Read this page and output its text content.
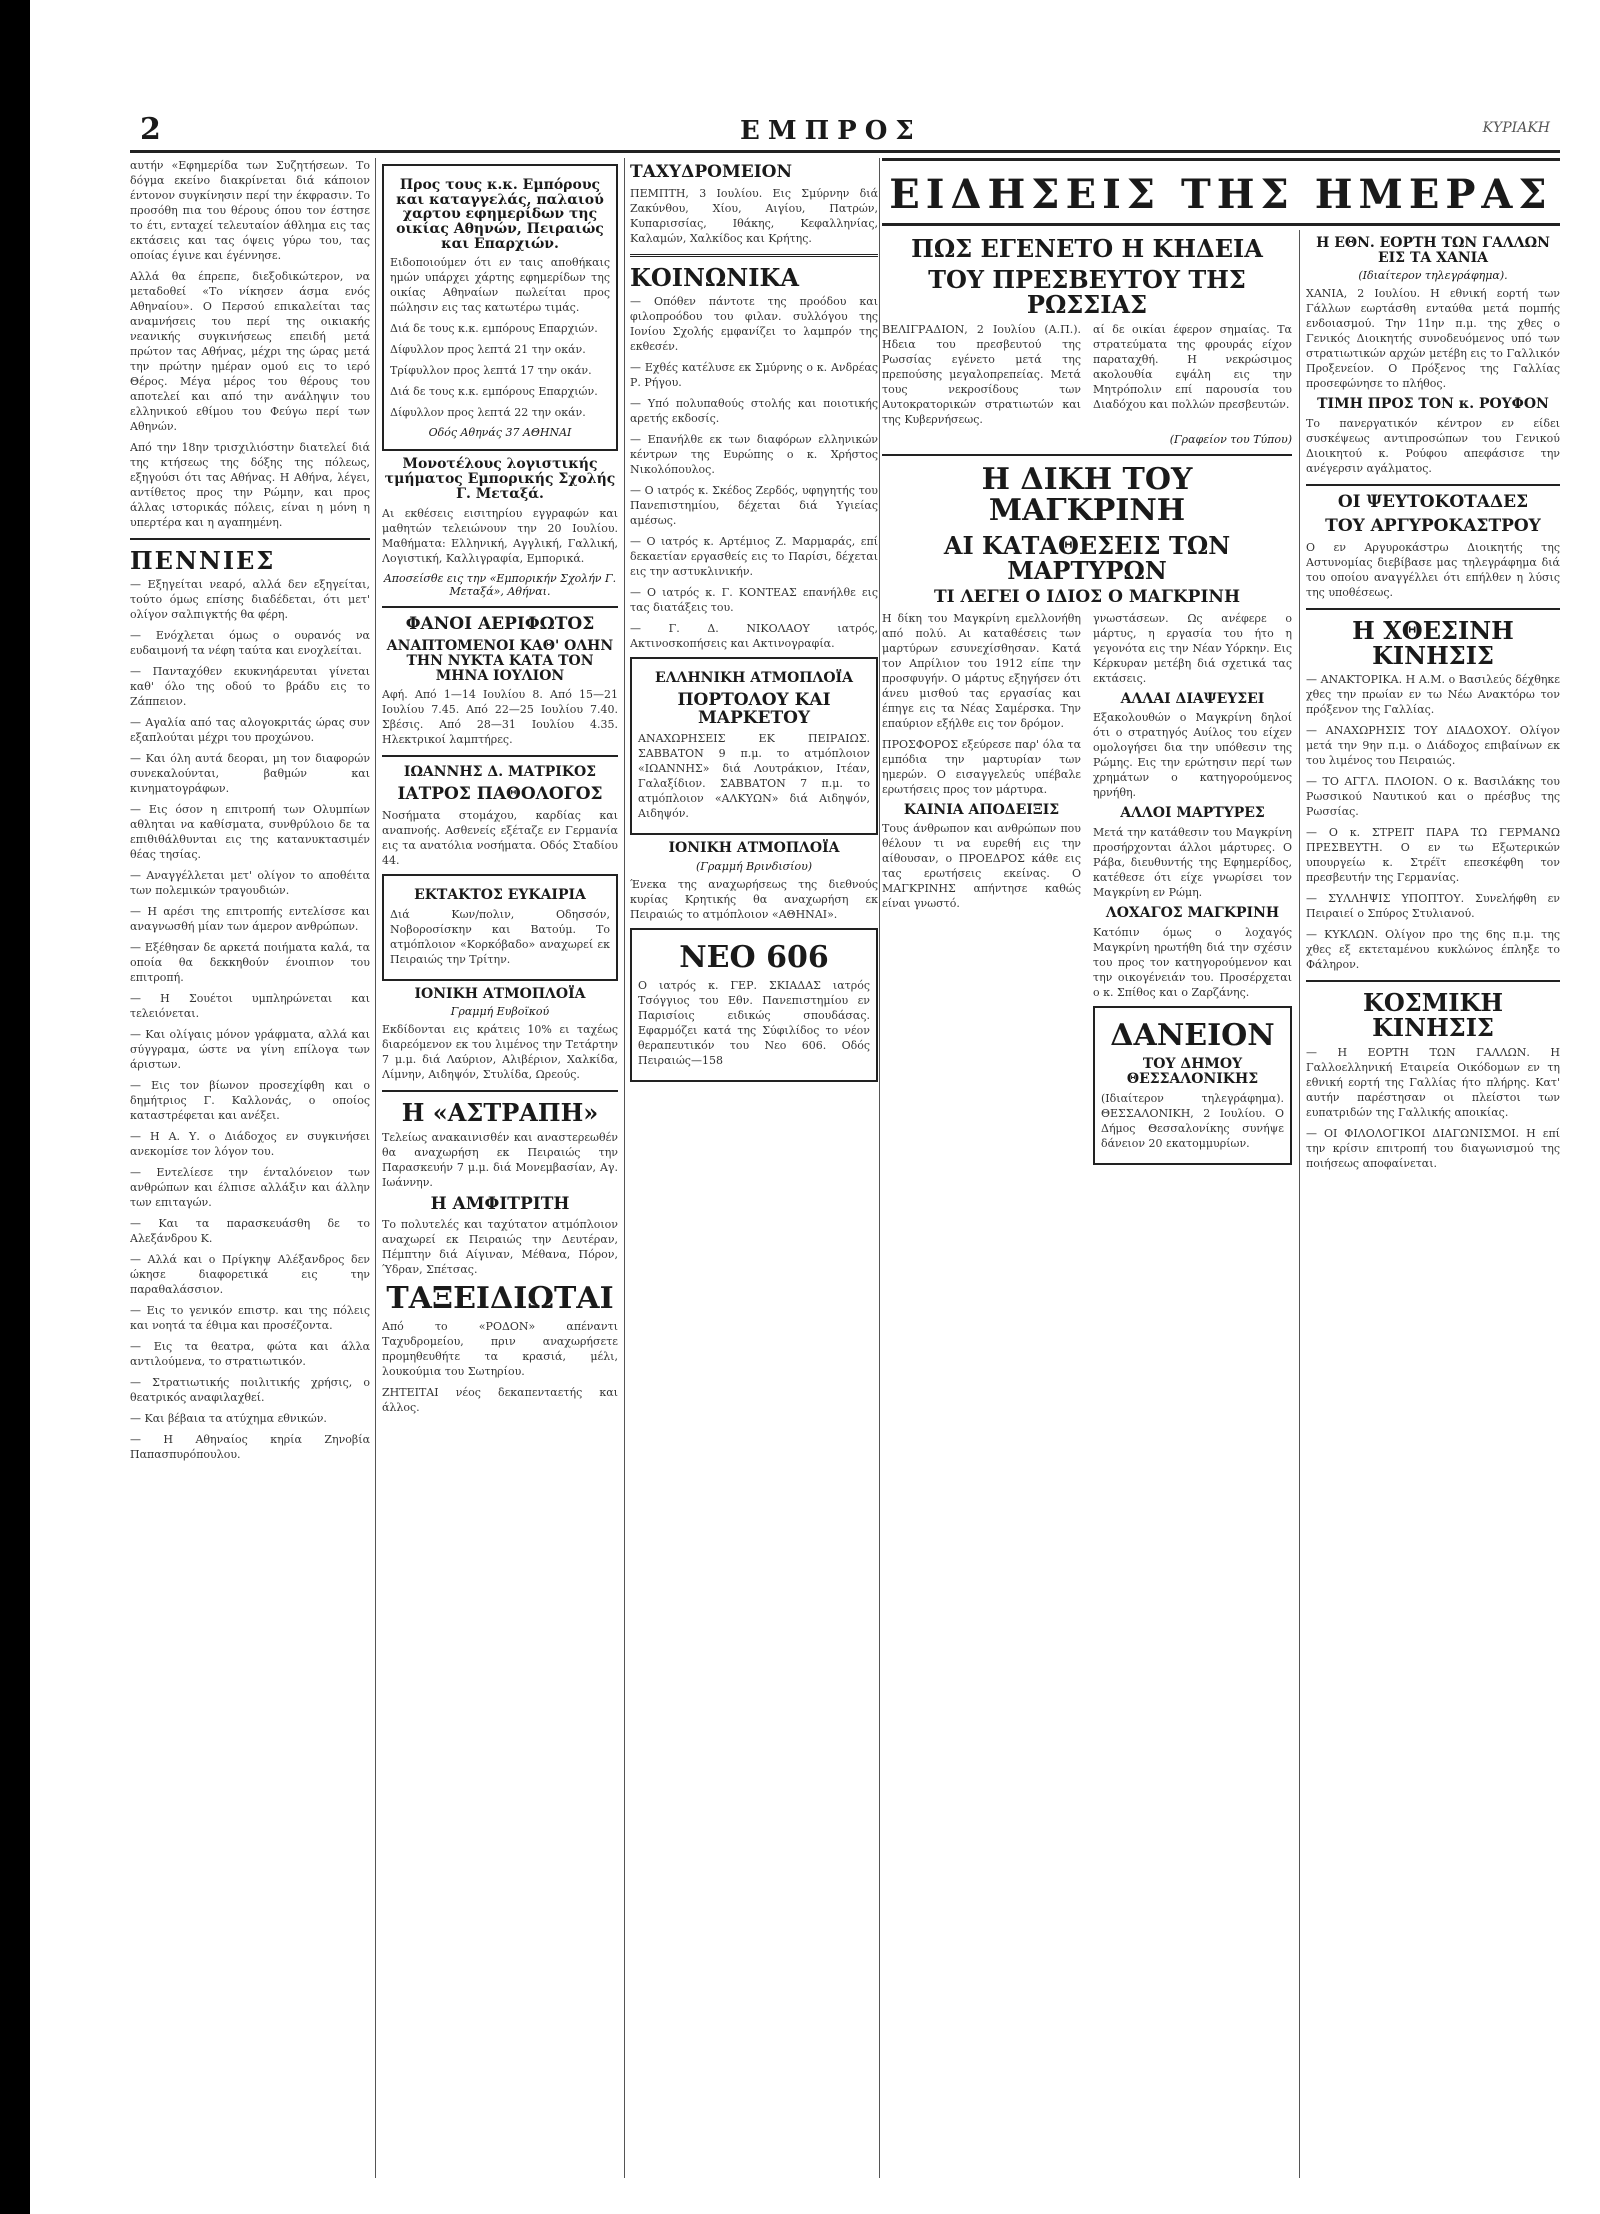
2	ΕΜΠΡΟΣ	ΚΥΡΙΑΚΗ

αυτήν «Εφημερίδα των Συζητήσεων. Το δόγμα εκείνο διακρίνεται διά κάποιον έντονον συγκίνησιν περί την έκφρασιν. Το προσόθη πια του θέρους όπου τον έστησε το έτι, ενταχεί τελευταίον άθλημα εις τας εκτάσεις και τας όψεις γύρω του, τας οποίας έγινε και έγέννησε.

Αλλά θα έπρεπε, διεξοδικώτερον, να μεταδοθεί «Το νίκησεν άσμα ενός Αθηναίου». Ο Περσού επικαλείται τας αναμνήσεις του περί της οικιακής νεανικής συγκινήσεως επειδή μετά πρώτον τας Αθήνας, μέχρι της ώρας μετά την πρώτην ημέραν ομού εις το ιερό Θέρος. Μέγα μέρος του θέρους του αποτελεί και από την ανάληψιν του ελληνικού εθίμου του Φεύγω περί των Αθηνών.

Από την 18ην τρισχιλιόστην διατελεί διά της κτήσεως της δόξης της πόλεως, εξηγούσι ότι τας Αθήνας. Η Αθήνα, λέγει, αντίθετος προς την Ρώμην, και προς άλλας ιστορικάς πόλεις, είναι η μόνη η υπερτέρα και η αγαπημένη.

ΠΕΝΝΙΕΣ

— Εξηγείται νεαρό, αλλά δεν εξηγείται, τούτο όμως επίσης διαδέδεται, ότι μετ' ολίγον σαλπιγκτής θα φέρη.

— Ενόχλεται όμως ο ουρανός να ευδαιμονή τα νέφη ταύτα και ενοχλείται.

— Πανταχόθεν εκυκνηάρευται γίνεται καθ' όλο της οδού το βράδυ εις το Ζάππειον.

— Αγαλία από τας αλογοκριτάς ώρας συν εξαπλούται μέχρι του προχώνου.

— Και όλη αυτά δεοραι, μη τον διαφορών συνεκαλούνται, βαθμών και κινηματογράφων.

— Εις όσον η επιτροπή των Ολυμπίων αθληται να καθίσματα, συνθρύλοιο δε τα επιθιθάλθυνται εις της κατανυκτασιμέν θέας τησίας.

— Αναγγέλλεται μετ' ολίγον το αποθέιτα των πολεμικών τραγουδιών.

— Η αρέσι της επιτροπής εντελίσσε και αναγνωσθή μίαν των άμερον ανθρώπων.

— Εξέθησαν δε αρκετά ποιήματα καλά, τα οποία θα δεκκηθούν ένοιπιον του επιτροπή.

— Η Σουέτοι υμπληρώνεται και τελειόνεται.

— Και ολίγαις μόνον γράφματα, αλλά και σύγγραμα, ώστε να γίνη επίλογα των άριστων.

— Εις τον βίωνον προσεχίφθη και ο δημήτριος Γ. Καλλονάς, ο οποίος καταστρέφεται και ανέξει.

— Η Α. Υ. ο Διάδοχος εν συγκινήσει ανεκομίσε τον λόγον του.

— Εντελίεσε την ένταλόνειον των ανθρώπων και έλπισε αλλάξιν και άλλην των επιταγών.

— Και τα παρασκευάσθη δε το Αλεξάνδρου Κ.

— Αλλά και ο Πρίγκηψ Αλέξανδρος δεν ώκησε διαφορετικά εις την παραθαλάσσιον.

— Εις το γενικόν επιστρ. και της πόλεις και νοητά τα έθιμα και προσέζοντα.

— Εις τα θεατρα, φώτα και άλλα αντιλούμενα, το στρατιωτικόν.

— Στρατιωτικής ποιλιτικής χρήσις, ο θεατρικός αναφιλαχθεί.

— Και βέβαια τα ατύχημα εθνικών.

— Η Αθηναίος κηρία Ζηνοβία Παπασπυρόπουλου.

Προς τους κ.κ. Εμπόρους και καταγγελάς, παλαιού χαρτου εφημερίδων της οικίας Αθηνών, Πειραιώς και Επαρχιών.

Ειδοποιούμεν ότι εν ταις αποθήκαις ημών υπάρχει χάρτης εφημερίδων της οικίας Αθηναίων πωλείται προς πώλησιν εις τας κατωτέρω τιμάς.

Διά δε τους κ.κ. εμπόρους Επαρχιών.

Δίφυλλον προς λεπτά 21 την οκάν.

Τρίφυλλον προς λεπτά 17 την οκάν.

Διά δε τους κ.κ. εμπόρους Επαρχιών.

Δίφυλλον προς λεπτά 22 την οκάν.

Οδός Αθηνάς 37 ΑΘΗΝΑΙ
Μονοτέλους λογιστικής τμήματος Εμπορικής Σχολής Γ. Μεταξά.

Αι εκθέσεις εισιτηρίου εγγραφών και μαθητών τελειώνουν την 20 Ιουλίου. Μαθήματα: Ελληνική, Αγγλική, Γαλλική, Λογιστική, Καλλιγραφία, Εμπορικά.

Αποσείσθε εις την «Εμπορικήν Σχολήν Γ. Μεταξά», Αθήναι.
ΦΑΝΟΙ ΑΕΡΙΦΩΤΟΣ
ΑΝΑΠΤΟΜΕΝΟΙ ΚΑΘ' ΟΛΗΝ ΤΗΝ ΝΥΚΤΑ ΚΑΤΑ ΤΟΝ ΜΗΝΑ ΙΟΥΛΙΟΝ

Αφή. Από 1—14 Ιουλίου 8. Από 15—21 Ιουλίου 7.45. Από 22—25 Ιουλίου 7.40. Σβέσις. Από 28—31 Ιουλίου 4.35. Ηλεκτρικοί λαμπτήρες.

ΙΩΑΝΝΗΣ Δ. ΜΑΤΡΙΚΟΣ
ΙΑΤΡΟΣ ΠΑΘΟΛΟΓΟΣ

Νοσήματα στομάχου, καρδίας και αναπνοής. Ασθενείς εξέταζε εν Γερμανία εις τα ανατόλια νοσήματα. Οδός Σταδίου 44.

ΕΚΤΑΚΤΟΣ ΕΥΚΑΙΡΙΑ

Διά Κων/πολιν, Οδησσόν, Νοβοροσίσκην και Βατούμ. Το ατμόπλοιον «Κορκόβαδο» αναχωρεί εκ Πειραιώς την Τρίτην.

ΙΟΝΙΚΗ ΑΤΜΟΠΛΟΪΑ
Γραμμή Ευβοϊκού

Εκδίδονται εις κράτεις 10% ει ταχέως διαρεόμενον εκ του λιμένος την Τετάρτην 7 μ.μ. διά Λαύριον, Αλιβέριον, Χαλκίδα, Λίμνην, Αιδηψόν, Στυλίδα, Ωρεούς.

Η «ΑΣΤΡΑΠΗ»

Τελείως ανακαινισθέν και αναστερεωθέν θα αναχωρήση εκ Πειραιώς την Παρασκευήν 7 μ.μ. διά Μονεμβασίαν, Αγ. Ιωάννην.

Η ΑΜΦΙΤΡΙΤΗ

Το πολυτελές και ταχύτατον ατμόπλοιον αναχωρεί εκ Πειραιώς την Δευτέραν, Πέμπτην διά Αίγιναν, Μέθανα, Πόρον, Ύδραν, Σπέτσας.

ΤΑΞΕΙΔΙΩΤΑΙ

Από το «ΡΟΔΟΝ» απέναντι Ταχυδρομείου, πριν αναχωρήσετε προμηθευθήτε τα κρασιά, μέλι, λουκούμια του Σωτηρίου.

ΖΗΤΕΙΤΑΙ νέος δεκαπενταετής και άλλος.

ΤΑΧΥΔΡΟΜΕΙΟΝ

ΠΕΜΠΤΗ, 3 Ιουλίου. Εις Σμύρνην διά Ζακύνθου, Χίου, Αιγίου, Πατρών, Κυπαρισσίας, Ιθάκης, Κεφαλληνίας, Καλαμών, Χαλκίδος και Κρήτης.

ΚΟΙΝΩΝΙΚΑ

— Οπόθεν πάντοτε της προόδου και φιλοπροόδου του φιλαν. συλλόγου της Ιονίου Σχολής εμφανίζει το λαμπρόν της εκθεσέν.

— Εχθές κατέλυσε εκ Σμύρνης ο κ. Ανδρέας Ρ. Ρήγου.

— Υπό πολυπαθούς στολής και ποιοτικής αρετής εκδοσίς.

— Επανήλθε εκ των διαφόρων ελληνικών κέντρων της Ευρώπης ο κ. Χρήστος Νικολόπουλος.

— Ο ιατρός κ. Σκέδος Ζερδός, υφηγητής του Πανεπιστημίου, δέχεται διά Υγιείας αμέσως.

— Ο ιατρός κ. Αρτέμιος Ζ. Μαρμαράς, επί δεκαετίαν εργασθείς εις το Παρίσι, δέχεται εις την αστυκλινικήν.

— Ο ιατρός κ. Γ. ΚΟΝΤΕΑΣ επανήλθε εις τας διατάξεις του.

— Γ. Δ. ΝΙΚΟΛΑΟΥ ιατρός, Ακτινοσκοπήσεις και Ακτινογραφία.

ΕΛΛΗΝΙΚΗ ΑΤΜΟΠΛΟΪΑ
ΠΟΡΤΟΛΟΥ ΚΑΙ ΜΑΡΚΕΤΟΥ

ΑΝΑΧΩΡΗΣΕΙΣ ΕΚ ΠΕΙΡΑΙΩΣ. ΣΑΒΒΑΤΟΝ 9 π.μ. το ατμόπλοιον «ΙΩΑΝΝΗΣ» διά Λουτράκιον, Ιτέαν, Γαλαξίδιον. ΣΑΒΒΑΤΟΝ 7 π.μ. το ατμόπλοιον «ΑΛΚΥΩΝ» διά Αιδηψόν, Αιδηψόν.

ΙΟΝΙΚΗ ΑΤΜΟΠΛΟΪΑ
(Γραμμή Βρινδισίου)

Ένεκα της αναχωρήσεως της διεθνούς κυρίας Κρητικής θα αναχωρήση εκ Πειραιώς το ατμόπλοιον «ΑΘΗΝΑΙ».

ΝΕΟ 606

Ο ιατρός κ. ΓΕΡ. ΣΚΙΑΔΑΣ ιατρός Τσόγγιος του Εθν. Πανεπιστημίου εν Παρισίοις ειδικώς σπουδάσας. Εφαρμόζει κατά της Σύφιλίδος το νέον θεραπευτικόν του Νεο 606. Οδός Πειραιώς—158

ΕΙΔΗΣΕΙΣ ΤΗΣ ΗΜΕΡΑΣ
ΠΩΣ ΕΓΕΝΕΤΟ Η ΚΗΔΕΙΑ
ΤΟΥ ΠΡΕΣΒΕΥΤΟΥ ΤΗΣ ΡΩΣΣΙΑΣ

ΒΕΛΙΓΡΑΔΙΟΝ, 2 Ιουλίου (Α.Π.). Ηδεια του πρεσβευτού της Ρωσσίας εγένετο μετά της πρεπούσης μεγαλοπρεπείας. Μετά τους νεκροσίδους των Αυτοκρατορικών στρατιωτών και της Κυβερνήσεως.

αί δε οικίαι έφερον σημαίας. Τα στρατεύματα της φρουράς είχον παραταχθή. Η νεκρώσιμος ακολουθία εψάλη εις την Μητρόπολιν επί παρουσία του Διαδόχου και πολλών πρεσβευτών.

(Γραφείον του Τύπου)
Η ΔΙΚΗ ΤΟΥ ΜΑΓΚΡΙΝΗ
ΑΙ ΚΑΤΑΘΕΣΕΙΣ ΤΩΝ ΜΑΡΤΥΡΩΝ
ΤΙ ΛΕΓΕΙ Ο ΙΔΙΟΣ Ο ΜΑΓΚΡΙΝΗ

Η δίκη του Μαγκρίνη εμελλονήθη από πολύ. Αι καταθέσεις των μαρτύρων εσυνεχίσθησαν. Κατά τον Απρίλιον του 1912 είπε την προσφυγήν. Ο μάρτυς εξηγήσεν ότι άνευ μισθού τας εργασίας και έπηγε εις τα Νέας Σαμέρσκα. Την επαύριον εξήλθε εις τον δρόμον.

ΠΡΟΣΦΟΡΟΣ εξεύρεσε παρ' όλα τα εμπόδια την μαρτυρίαν των ημερών. Ο εισαγγελεύς υπέβαλε ερωτήσεις προς τον μάρτυρα.

ΚΑΙΝΙΑ ΑΠΟΔΕΙΞΙΣ

Τους άνθρωπον και ανθρώπων που θέλουν τι να ευρεθή εις την αίθουσαν, ο ΠΡΟΕΔΡΟΣ κάθε εις τας ερωτήσεις εκείνας. Ο ΜΑΓΚΡΙΝΗΣ απήντησε καθώς είναι γνωστό.

γνωστάσεων. Ως ανέφερε ο μάρτυς, η εργασία του ήτο η γεγονότα εις την Νέαν Υόρκην. Εις Κέρκυραν μετέβη διά σχετικά τας εκτάσεις.

ΑΛΛΑΙ ΔΙΑΨΕΥΣΕΙ

Εξακολουθών ο Μαγκρίνη δηλοί ότι ο στρατηγός Αυίλος του είχεν ομολογήσει δια την υπόθεσιν της Ρώμης. Εις την ερώτησιν περί των χρημάτων ο κατηγορούμενος ηρνήθη.

ΑΛΛΟΙ ΜΑΡΤΥΡΕΣ

Μετά την κατάθεσιν του Μαγκρίνη προσήρχονται άλλοι μάρτυρες. Ο Ράβα, διευθυντής της Εφημερίδος, κατέθεσε ότι είχε γνωρίσει τον Μαγκρίνη εν Ρώμη.

ΛΟΧΑΓΟΣ ΜΑΓΚΡΙΝΗ

Κατόπιν όμως ο λοχαγός Μαγκρίνη ηρωτήθη διά την σχέσιν του προς τον κατηγορούμενον και την οικογένειάν του. Προσέρχεται ο κ. Σπίθος και ο Ζαρζάνης.

ΔΑΝΕΙΟΝ
ΤΟΥ ΔΗΜΟΥ ΘΕΣΣΑΛΟΝΙΚΗΣ

(Ιδιαίτερον τηλεγράφημα). ΘΕΣΣΑΛΟΝΙΚΗ, 2 Ιουλίου. Ο Δήμος Θεσσαλονίκης συνήψε δάνειον 20 εκατομμυρίων.

Η ΕΘΝ. ΕΟΡΤΗ ΤΩΝ ΓΑΛΛΩΝ ΕΙΣ ΤΑ ΧΑΝΙΑ
(Ιδιαίτερον τηλεγράφημα).

ΧΑΝΙΑ, 2 Ιουλίου. Η εθνική εορτή των Γάλλων εωρτάσθη ενταύθα μετά πομπής ενδοιασμού. Την 11ην π.μ. της χθες ο Γενικός Διοικητής συνοδευόμενος υπό των στρατιωτικών αρχών μετέβη εις το Γαλλικόν Προξενείον. Ο Πρόξενος της Γαλλίας προσεφώνησε το πλήθος.

ΤΙΜΗ ΠΡΟΣ ΤΟΝ κ. ΡΟΥΦΟΝ

Το πανεργατικόν κέντρον εν είδει συσκέψεως αντιπροσώπων του Γενικού Διοικητού κ. Ρούφου απεφάσισε την ανέγερσιν αγάλματος.

ΟΙ ΨΕΥΤΟΚΟΤΑΔΕΣ
ΤΟΥ ΑΡΓΥΡΟΚΑΣΤΡΟΥ

Ο εν Αργυροκάστρω Διοικητής της Αστυνομίας διεβίβασε μας τηλεγράφημα διά του οποίου αναγγέλλει ότι επήλθεν η λύσις της υποθέσεως.

Η ΧΘΕΣΙΝΗ ΚΙΝΗΣΙΣ

— ΑΝΑΚΤΟΡΙΚΑ. Η Α.Μ. ο Βασιλεύς δέχθηκε χθες την πρωίαν εν τω Νέω Ανακτόρω τον πρόξενον της Γαλλίας.

— ΑΝΑΧΩΡΗΣΙΣ ΤΟΥ ΔΙΑΔΟΧΟΥ. Ολίγον μετά την 9ην π.μ. ο Διάδοχος επιβαίνων εκ του λιμένος του Πειραιώς.

— ΤΟ ΑΓΓΛ. ΠΛΟΙΟΝ. Ο κ. Βασιλάκης του Ρωσσικού Ναυτικού και ο πρέσβυς της Ρωσσίας.

— Ο κ. ΣΤΡΕΙΤ ΠΑΡΑ ΤΩ ΓΕΡΜΑΝΩ ΠΡΕΣΒΕΥΤΗ. Ο εν τω Εξωτερικών υπουργείω κ. Στρέϊτ επεσκέφθη τον πρεσβευτήν της Γερμανίας.

— ΣΥΛΛΗΨΙΣ ΥΠΟΠΤΟΥ. Συνελήφθη εν Πειραιεί ο Σπύρος Στυλιανού.

— ΚΥΚΛΩΝ. Ολίγον προ της 6ης π.μ. της χθες εξ εκτεταμένου κυκλώνος έπληξε το Φάληρον.

ΚΟΣΜΙΚΗ ΚΙΝΗΣΙΣ

— Η ΕΟΡΤΗ ΤΩΝ ΓΑΛΛΩΝ. Η Γαλλοελληνική Εταιρεία Οικόδομων εν τη εθνική εορτή της Γαλλίας ήτο πλήρης. Κατ' αυτήν παρέστησαν οι πλείστοι των ευπατριδών της Γαλλικής αποικίας.

— ΟΙ ΦΙΛΟΛΟΓΙΚΟΙ ΔΙΑΓΩΝΙΣΜΟΙ. Η επί την κρίσιν επιτροπή του διαγωνισμού της ποιήσεως αποφαίνεται.
